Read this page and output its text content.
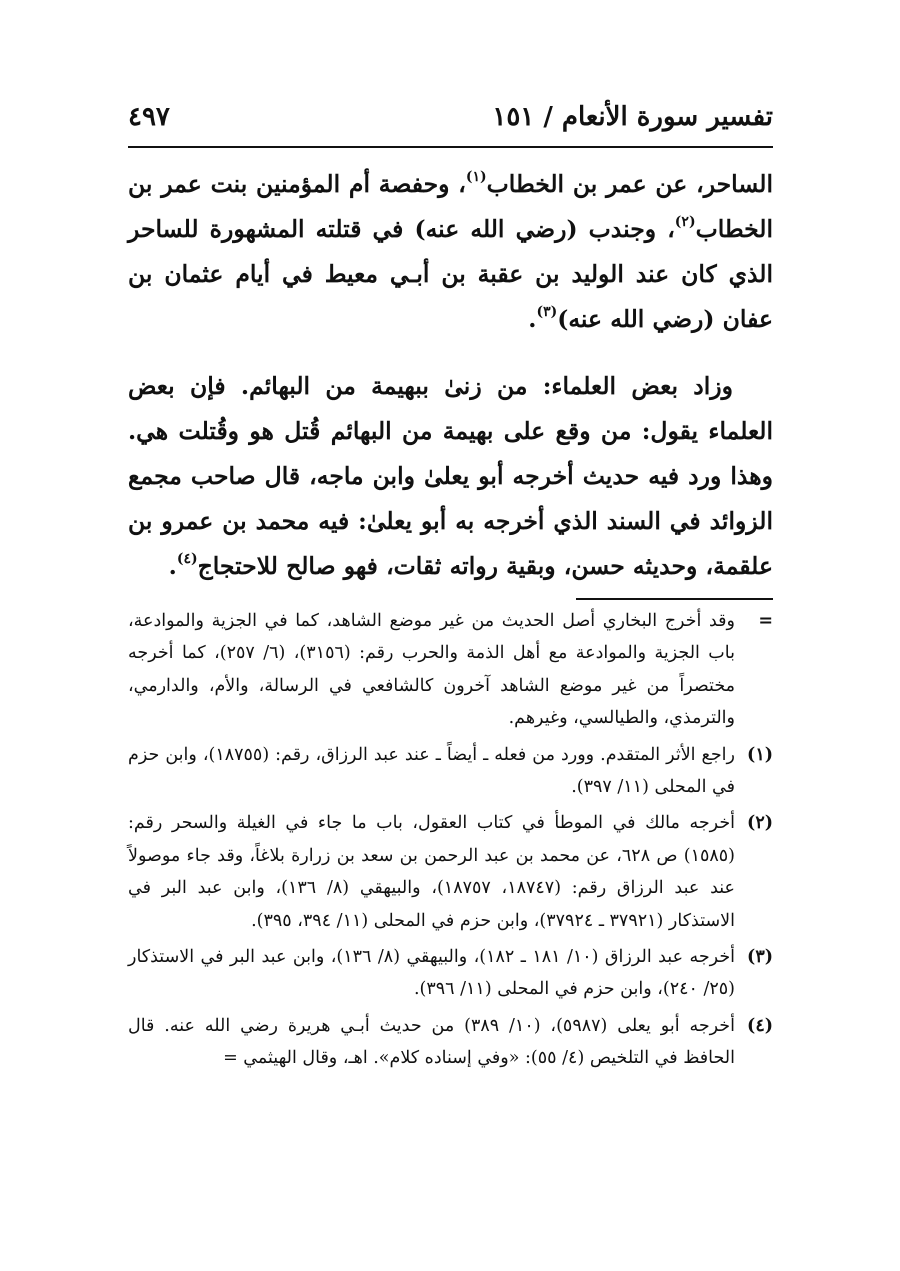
تفسير سورة الأنعام / ١٥١
٤٩٧

الساحر، عن عمر بن الخطاب$^{(١)}$، وحفصة أم المؤمنين بنت عمر بن الخطاب$^{(٢)}$، وجندب (رضي الله عنه) في قتلته المشهورة للساحر الذي كان عند الوليد بن عقبة بن أبـي معيط في أيام عثمان بن عفان (رضي الله عنه)$^{(٣)}$.

وزاد بعض العلماء: من زنىٰ ببهيمة من البهائم. فإن بعض العلماء يقول: من وقع على بهيمة من البهائم قُتل هو وقُتلت هي. وهذا ورد فيه حديث أخرجه أبو يعلىٰ وابن ماجه، قال صاحب مجمع الزوائد في السند الذي أخرجه به أبو يعلىٰ: فيه محمد بن عمرو بن علقمة، وحديثه حسن، وبقية رواته ثقات، فهو صالح للاحتجاج$^{(٤)}$.

=
وقد أخرج البخاري أصل الحديث من غير موضع الشاهد، كما في الجزية والموادعة، باب الجزية والموادعة مع أهل الذمة والحرب رقم: (٣١٥٦)، (٦/ ٢٥٧)، كما أخرجه مختصراً من غير موضع الشاهد آخرون كالشافعي في الرسالة، والأم، والدارمي، والترمذي، والطيالسي، وغيرهم.
(١)
راجع الأثر المتقدم. وورد من فعله ـ أيضاً ـ عند عبد الرزاق، رقم: (١٨٧٥٥)، وابن حزم في المحلى (١١/ ٣٩٧).
(٢)
أخرجه مالك في الموطأ في كتاب العقول، باب ما جاء في الغيلة والسحر رقم: (١٥٨٥) ص ٦٢٨، عن محمد بن عبد الرحمن بن سعد بن زرارة بلاغاً، وقد جاء موصولاً عند عبد الرزاق رقم: (١٨٧٤٧، ١٨٧٥٧)، والبيهقي (٨/ ١٣٦)، وابن عبد البر في الاستذكار (٣٧٩٢١ ـ ٣٧٩٢٤)، وابن حزم في المحلى (١١/ ٣٩٤، ٣٩٥).
(٣)
أخرجه عبد الرزاق (١٠/ ١٨١ ـ ١٨٢)، والبيهقي (٨/ ١٣٦)، وابن عبد البر في الاستذكار (٢٥/ ٢٤٠)، وابن حزم في المحلى (١١/ ٣٩٦).
(٤)
أخرجه أبو يعلى (٥٩٨٧)، (١٠/ ٣٨٩) من حديث أبـي هريرة رضي الله عنه. قال الحافظ في التلخيص (٤/ ٥٥): «وفي إسناده كلام». اهـ، وقال الهيثمي =
